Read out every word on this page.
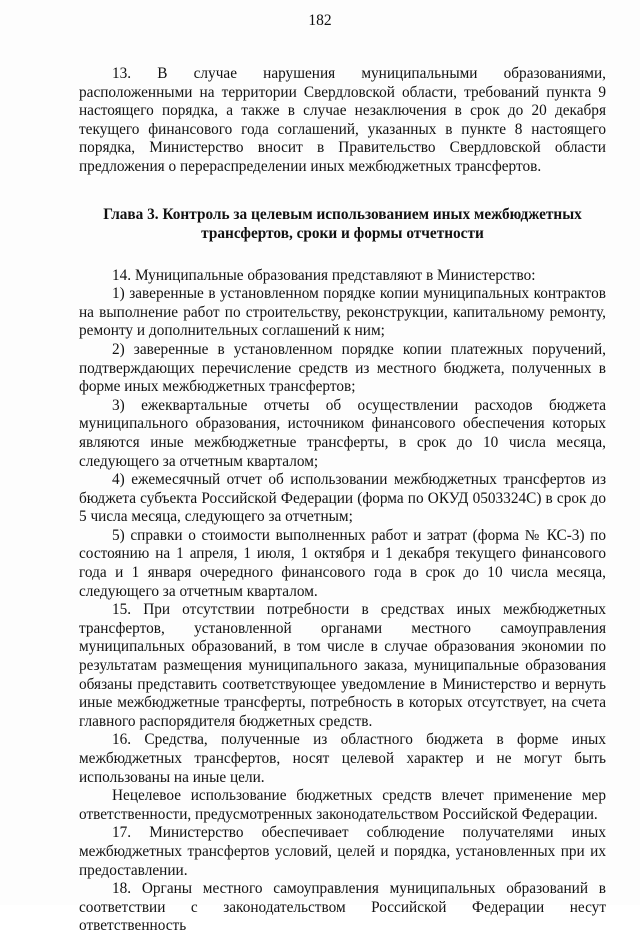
182

13. В случае нарушения муниципальными образованиями, расположенными на территории Свердловской области, требований пункта 9 настоящего порядка, а также в случае незаключения в срок до 20 декабря текущего финансового года соглашений, указанных в пункте 8 настоящего порядка, Министерство вносит в Правительство Свердловской области предложения о перераспределении иных межбюджетных трансфертов.

Глава 3. Контроль за целевым использованием иных межбюджетных трансфертов, сроки и формы отчетности

14. Муниципальные образования представляют в Министерство:

1) заверенные в установленном порядке копии муниципальных контрактов на выполнение работ по строительству, реконструкции, капитальному ремонту, ремонту и дополнительных соглашений к ним;

2) заверенные в установленном порядке копии платежных поручений, подтверждающих перечисление средств из местного бюджета, полученных в форме иных межбюджетных трансфертов;

3) ежеквартальные отчеты об осуществлении расходов бюджета муниципального образования, источником финансового обеспечения которых являются иные межбюджетные трансферты, в срок до 10 числа месяца, следующего за отчетным кварталом;

4) ежемесячный отчет об использовании межбюджетных трансфертов из бюджета субъекта Российской Федерации (форма по ОКУД 0503324С) в срок до 5 числа месяца, следующего за отчетным;

5) справки о стоимости выполненных работ и затрат (форма № КС-3) по состоянию на 1 апреля, 1 июля, 1 октября и 1 декабря текущего финансового года и 1 января очередного финансового года в срок до 10 числа месяца, следующего за отчетным кварталом.

15. При отсутствии потребности в средствах иных межбюджетных трансфертов, установленной органами местного самоуправления муниципальных образований, в том числе в случае образования экономии по результатам размещения муниципального заказа, муниципальные образования обязаны представить соответствующее уведомление в Министерство и вернуть иные межбюджетные трансферты, потребность в которых отсутствует, на счета главного распорядителя бюджетных средств.

16. Средства, полученные из областного бюджета в форме иных межбюджетных трансфертов, носят целевой характер и не могут быть использованы на иные цели.

Нецелевое использование бюджетных средств влечет применение мер ответственности, предусмотренных законодательством Российской Федерации.

17. Министерство обеспечивает соблюдение получателями иных межбюджетных трансфертов условий, целей и порядка, установленных при их предоставлении.

18. Органы местного самоуправления муниципальных образований в соответствии с законодательством Российской Федерации несут ответственность
